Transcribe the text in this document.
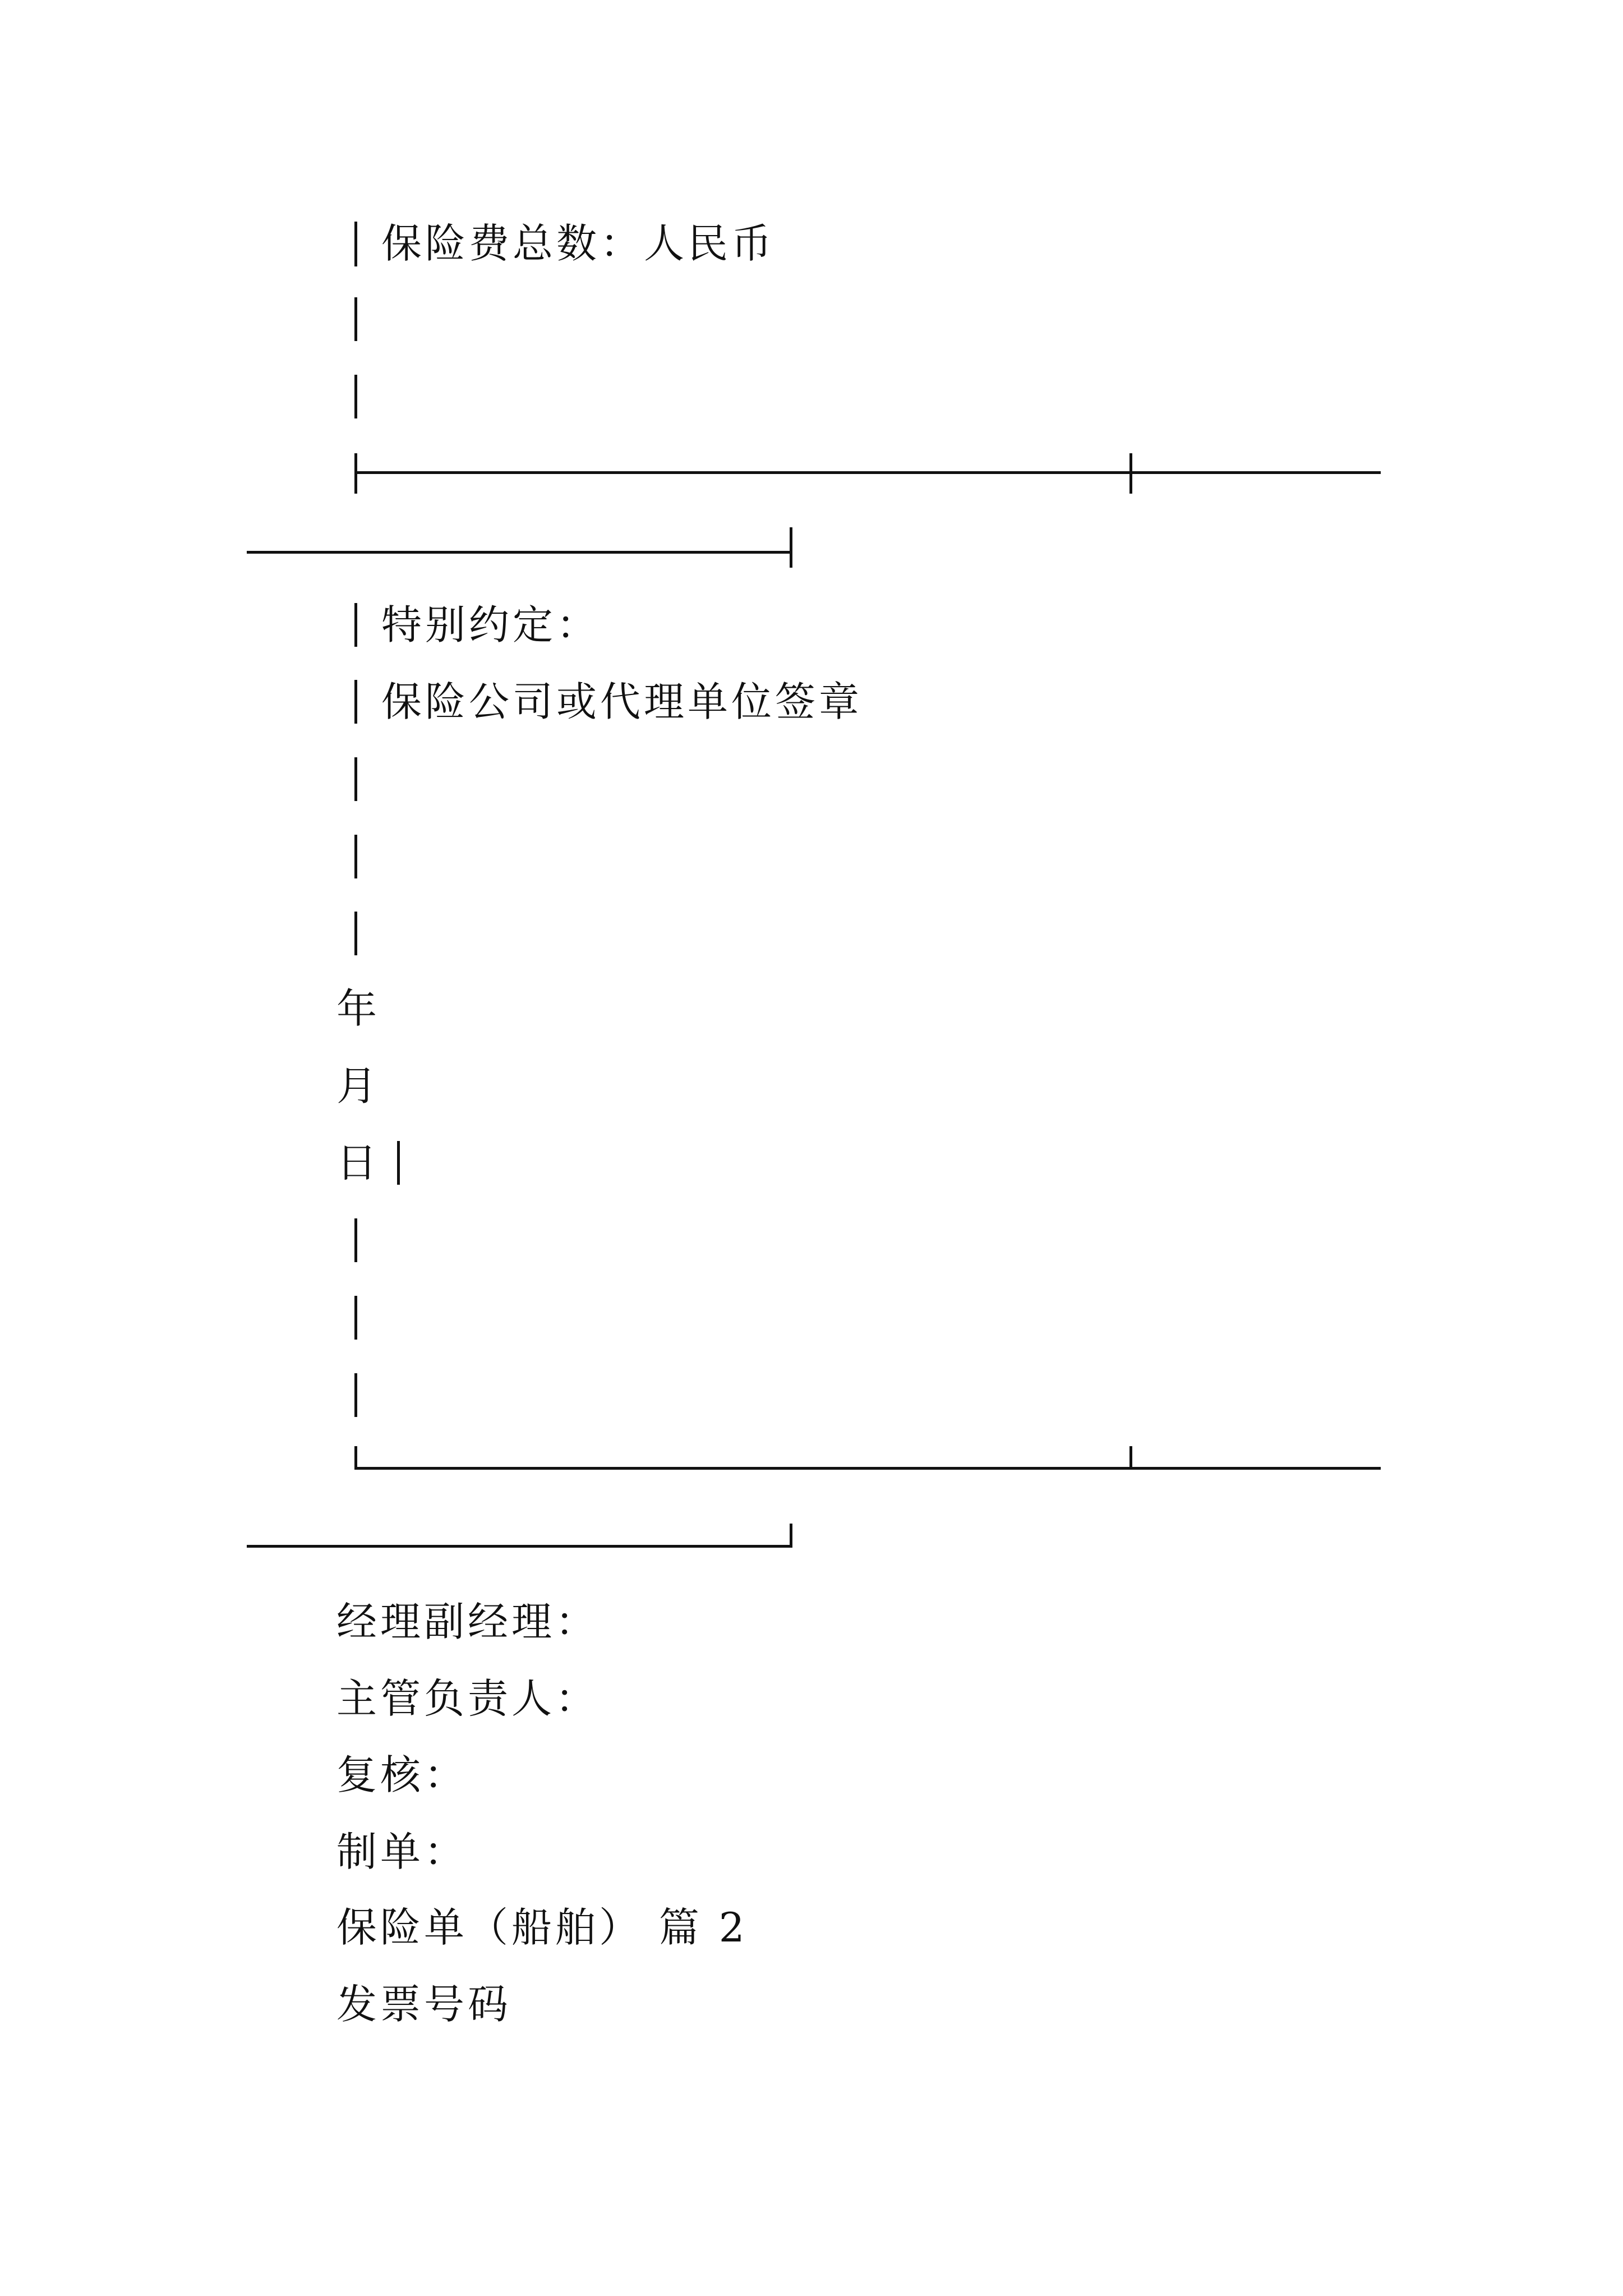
保险费总数：人民币
特别约定：
保险公司或代理单位签章
年
月
日
经理副经理：
主管负责人：
复核：
制单：
保险单（船舶） 篇 2
发票号码
